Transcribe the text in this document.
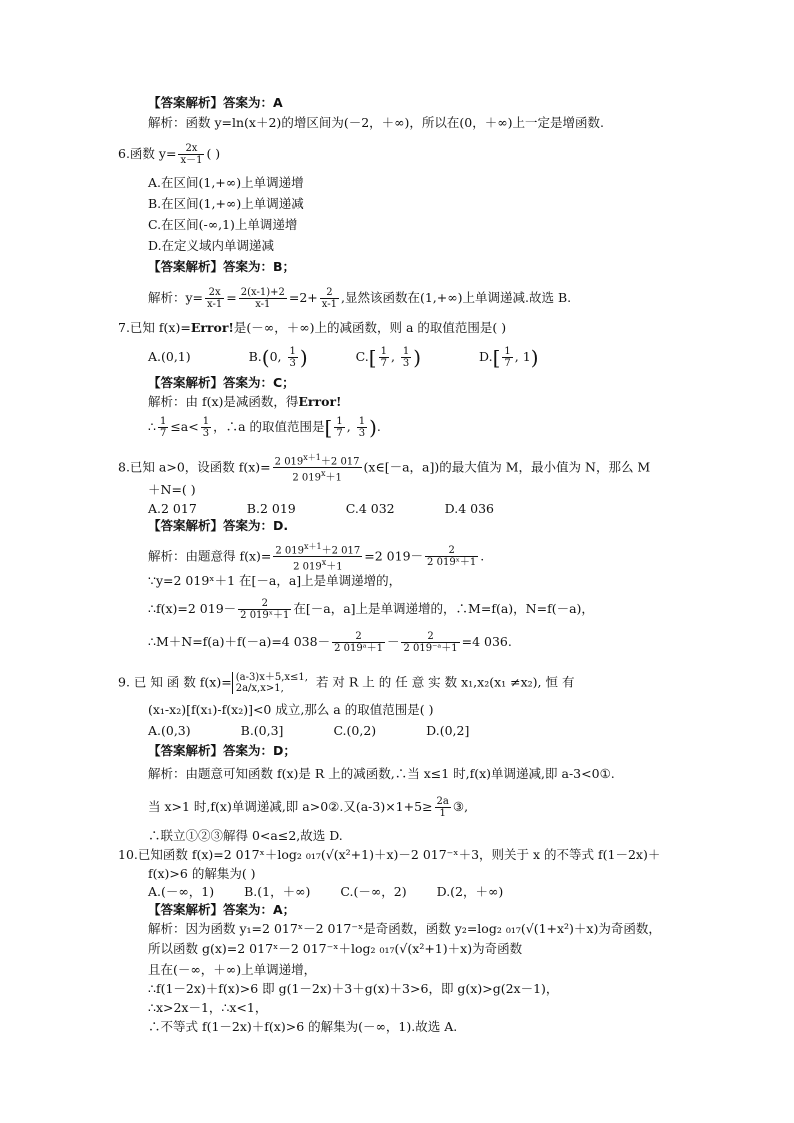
【答案解析】答案为：A
解析：函数 y=ln(x＋2)的增区间为(－2，＋∞)，所以在(0，＋∞)上一定是增函数.
6.函数 $y= \frac{2x}{x-1}$ ( )
A.在区间(1,+∞)上单调递增
B.在区间(1,+∞)上单调递减
C.在区间(-∞,1)上单调递增
D.在定义域内单调递减
【答案解析】答案为：B；
解析：$y= \frac{2x}{x-1} = \frac{2(x-1)+2}{x-1} =2+ \frac{2}{x-1}$ ,显然该函数在(1,+∞)上单调递减.故选 B.
7.已知 f(x)=Error!是(－∞，＋∞)上的减函数，则 a 的取值范围是( )
A.(0,1)	B.(0, $\frac{1}{3}$ )	$C.[ \frac{1}{7}$ , $\frac{1}{3}$ )	$D.[ \frac{1}{7}$ , 1)
【答案解析】答案为：C；
解析：由 f(x)是减函数，得Error!
∴ $\frac{1}{7} \le a< \frac{1}{3}$ ，∴a 的取值范围是[ $\frac{1}{7}$ , $\frac{1}{3}$ ).
8.已知 a>0，设函数 $f(x)= \frac{2 019^{x+1}+2 017}{2 019^x+1}$ (x∈[－a，a])的最大值为 M，最小值为 N，那么 M
＋N=( )
A.2 017	B.2 019	C.4 032	D.4 036
【答案解析】答案为：D.
解析：由题意得 $f(x)= \frac{2 019^{x+1}+2 017}{2 019^x+1} =2$ $019- \frac{2}{\text{2 019ˣ＋1}}$ .
∵y=2 019ˣ＋1 在[－a，a]上是单调递增的，
∴f(x)=2 $019- \frac{2}{\text{2 019ˣ＋1}}$ 在[－a，a]上是单调递增的，∴M=f(a)，N=f(－a)，
∴M＋N=f(a)＋f(－a)=4 $038- \frac{2}{\text{2 019ᵃ＋1}} - \frac{2}{\text{2 019⁻ᵃ＋1}} =4$ 036.
9. 已 知 函 数 f(x)= (a-3)x＋5,x≤1,
2a/x,x>1,	若 对 R 上 的 任 意 实 数 x₁,x₂(x₁ ≠x₂), 恒 有
(x₁-x₂)[f(x₁)-f(x₂)]<0 成立,那么 a 的取值范围是( )
A.(0,3)	B.(0,3]	C.(0,2)	D.(0,2]
【答案解析】答案为：D；
解析：由题意可知函数 f(x)是 R 上的减函数,∴当 x≤1 时,f(x)单调递减,即 a-3<0①.
当 x>1 时,f(x)单调递减,即 a>0②.又$(a-3)\times 1+5\ge \frac{2a}{1}$ ③,
∴联立①②③解得 0<a≤2,故选 D.
10.已知函数 f(x)=2 017ˣ＋log₂ ₀₁₇(√(x²+1)＋x)－2 017⁻ˣ＋3，则关于 x 的不等式 f(1－2x)＋
f(x)>6 的解集为( )
A.(－∞，1) B.(1，＋∞) C.(－∞，2) D.(2，＋∞)
【答案解析】答案为：A；
解析：因为函数 y₁=2 017ˣ－2 017⁻ˣ是奇函数，函数 y₂=log₂ ₀₁₇(√(1+x²)＋x)为奇函数，
所以函数 g(x)=2 017ˣ－2 017⁻ˣ＋log₂ ₀₁₇(√(x²+1)＋x)为奇函数
且在(－∞，＋∞)上单调递增，
∴f(1－2x)＋f(x)>6 即 g(1－2x)＋3＋g(x)＋3>6，即 g(x)>g(2x－1)，
∴x>2x－1，∴x<1，
∴不等式 f(1－2x)＋f(x)>6 的解集为(－∞，1).故选 A.
